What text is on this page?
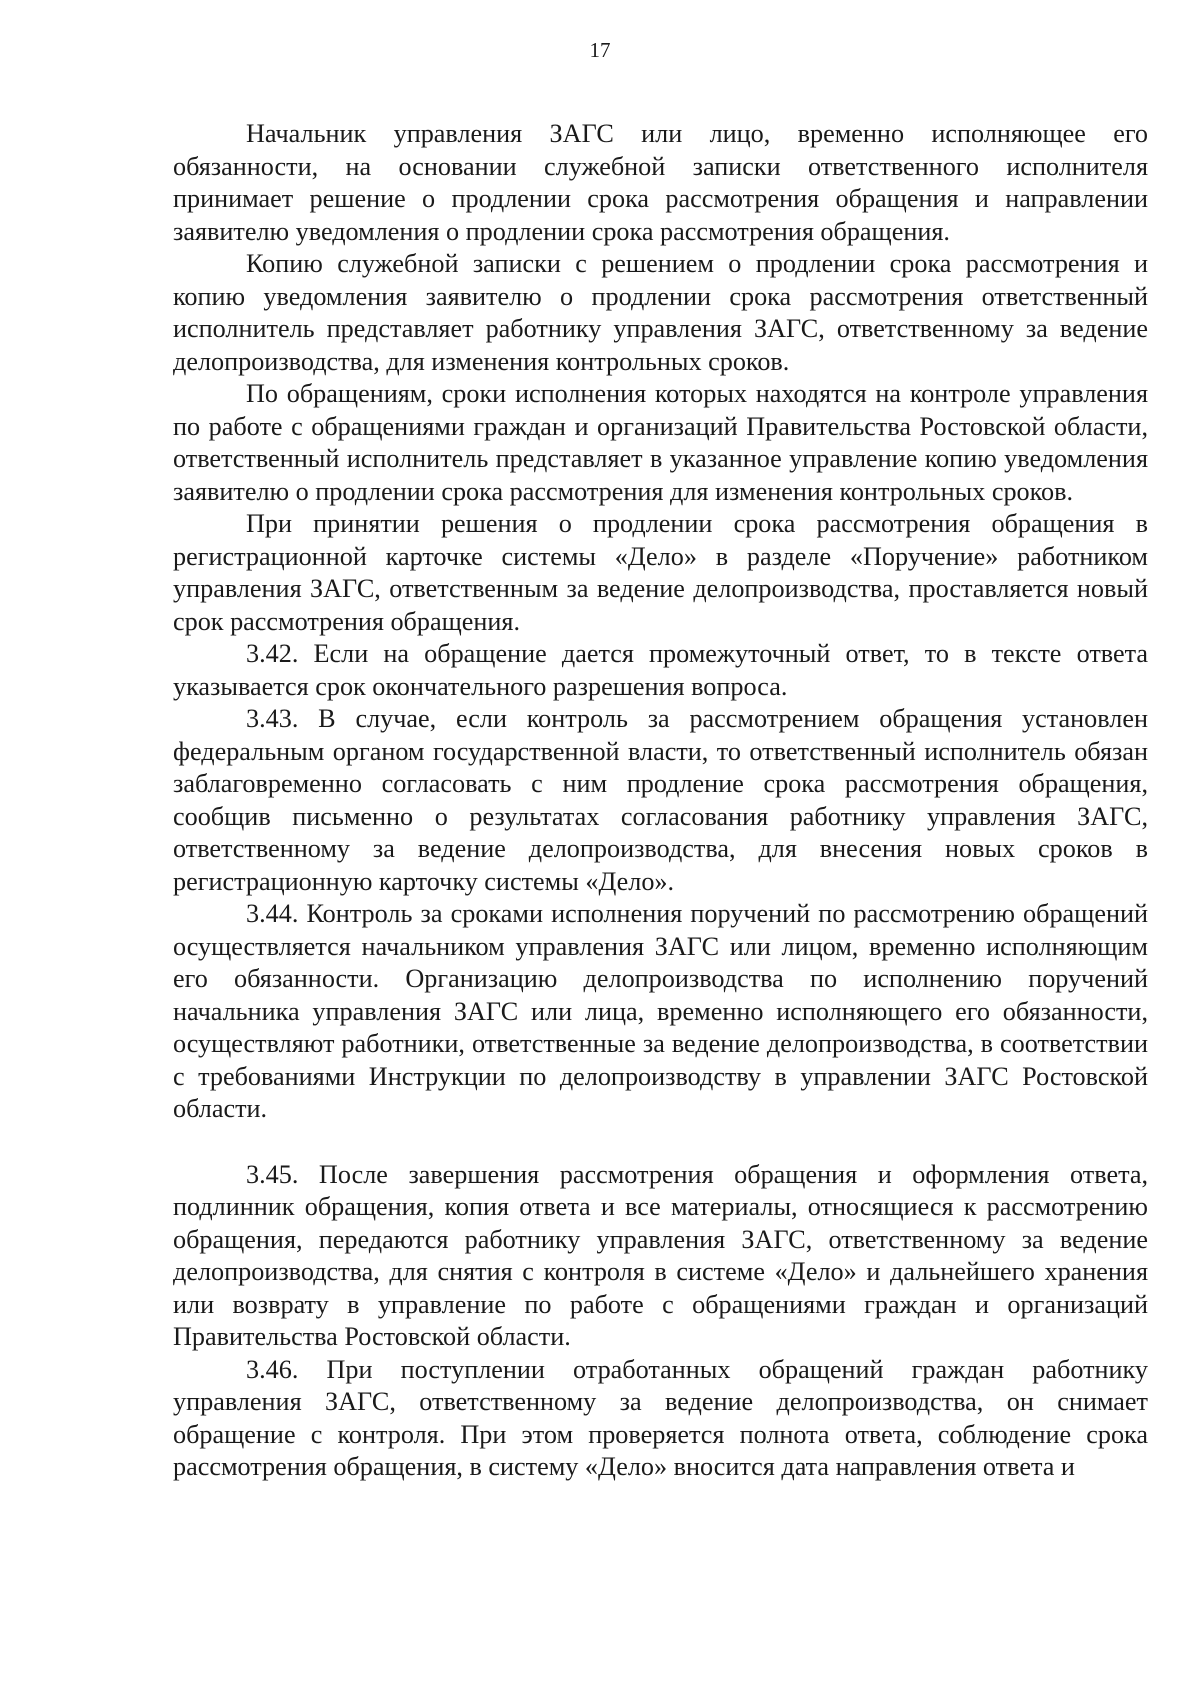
17

Начальник управления ЗАГС или лицо, временно исполняющее его обязанности, на основании служебной записки ответственного исполнителя принимает решение о продлении срока рассмотрения обращения и направлении заявителю уведомления о продлении срока рассмотрения обращения.

Копию служебной записки с решением о продлении срока рассмотрения и копию уведомления заявителю о продлении срока рассмотрения ответственный исполнитель представляет работнику управления ЗАГС, ответственному за ведение делопроизводства, для изменения контрольных сроков.

По обращениям, сроки исполнения которых находятся на контроле управления по работе с обращениями граждан и организаций Правительства Ростовской области, ответственный исполнитель представляет в указанное управление копию уведомления заявителю о продлении срока рассмотрения для изменения контрольных сроков.

При принятии решения о продлении срока рассмотрения обращения в регистрационной карточке системы «Дело» в разделе «Поручение» работником управления ЗАГС, ответственным за ведение делопроизводства, проставляется новый срок рассмотрения обращения.

3.42. Если на обращение дается промежуточный ответ, то в тексте ответа указывается срок окончательного разрешения вопроса.

3.43. В случае, если контроль за рассмотрением обращения установлен федеральным органом государственной власти, то ответственный исполнитель обязан заблаговременно согласовать с ним продление срока рассмотрения обращения, сообщив письменно о результатах согласования работнику управления ЗАГС, ответственному за ведение делопроизводства, для внесения новых сроков в регистрационную карточку системы «Дело».

3.44. Контроль за сроками исполнения поручений по рассмотрению обращений осуществляется начальником управления ЗАГС или лицом, временно исполняющим его обязанности. Организацию делопроизводства по исполнению поручений начальника управления ЗАГС или лица, временно исполняющего его обязанности, осуществляют работники, ответственные за ведение делопроизводства, в соответствии с требованиями Инструкции по делопроизводству в управлении ЗАГС Ростовской области.

3.45. После завершения рассмотрения обращения и оформления ответа, подлинник обращения, копия ответа и все материалы, относящиеся к рассмотрению обращения, передаются работнику управления ЗАГС, ответственному за ведение делопроизводства, для снятия с контроля в системе «Дело» и дальнейшего хранения или возврату в управление по работе с обращениями граждан и организаций Правительства Ростовской области.

3.46. При поступлении отработанных обращений граждан работнику управления ЗАГС, ответственному за ведение делопроизводства, он снимает обращение с контроля. При этом проверяется полнота ответа, соблюдение срока рассмотрения обращения, в систему «Дело» вносится дата направления ответа и
